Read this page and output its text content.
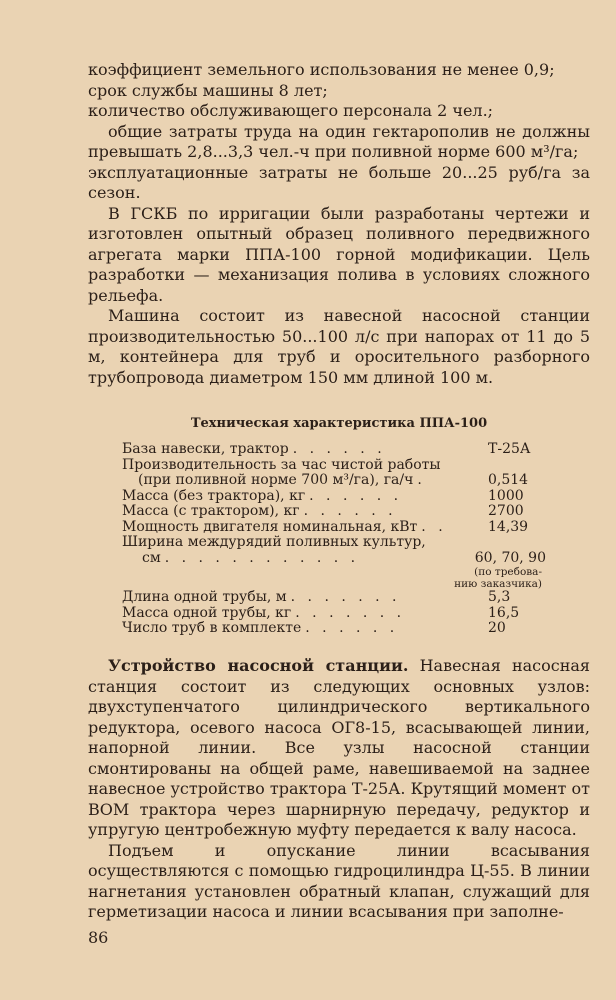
коэффициент земельного использования не менее 0,9;

срок службы машины 8 лет;

количество обслуживающего персонала 2 чел.;

общие затраты труда на один гектарополив не должны превышать 2,8...3,3 чел.-ч при поливной норме 600 м³/га;

эксплуатационные затраты не больше 20...25 руб/га за сезон.

В ГСКБ по ирригации были разработаны чертежи и изготовлен опытный образец поливного передвижного агрегата марки ППА-100 горной модификации. Цель разработки — механизация полива в условиях сложного рельефа.

Машина состоит из навесной насосной станции производительностью 50...100 л/с при напорах от 11 до 5 м, контейнера для труб и оросительного разборного трубопровода диаметром 150 мм длиной 100 м.

Техническая характеристика ППА-100
База навески, трактор . . . . . .	Т-25А
Производительность за час чистой работы
(при поливной норме 700 м³/га), га/ч .	0,514
Масса (без трактора), кг . . . . . .	1000
Масса (с трактором), кг . . . . . .	2700
Мощность двигателя номинальная, кВт . .	14,39
Ширина междурядий поливных культур,
см . . . . . . . . . . . .	60, 70, 90
(по требова-
нию заказчика)
Длина одной трубы, м . . . . . . .	5,3
Масса одной трубы, кг . . . . . . .	16,5
Число труб в комплекте . . . . . .	20

Устройство насосной станции. Навесная насосная станция состоит из следующих основных узлов: двухступенчатого цилиндрического вертикального редуктора, осевого насоса ОГ8-15, всасывающей линии, напорной линии. Все узлы насосной станции смонтированы на общей раме, навешиваемой на заднее навесное устройство трактора Т-25А. Крутящий момент от ВОМ трактора через шарнирную передачу, редуктор и упругую центробежную муфту передается к валу насоса.

Подъем и опускание линии всасывания осуществляются с помощью гидроцилиндра Ц-55. В линии нагнетания установлен обратный клапан, служащий для герметизации насоса и линии всасывания при заполне-

86
